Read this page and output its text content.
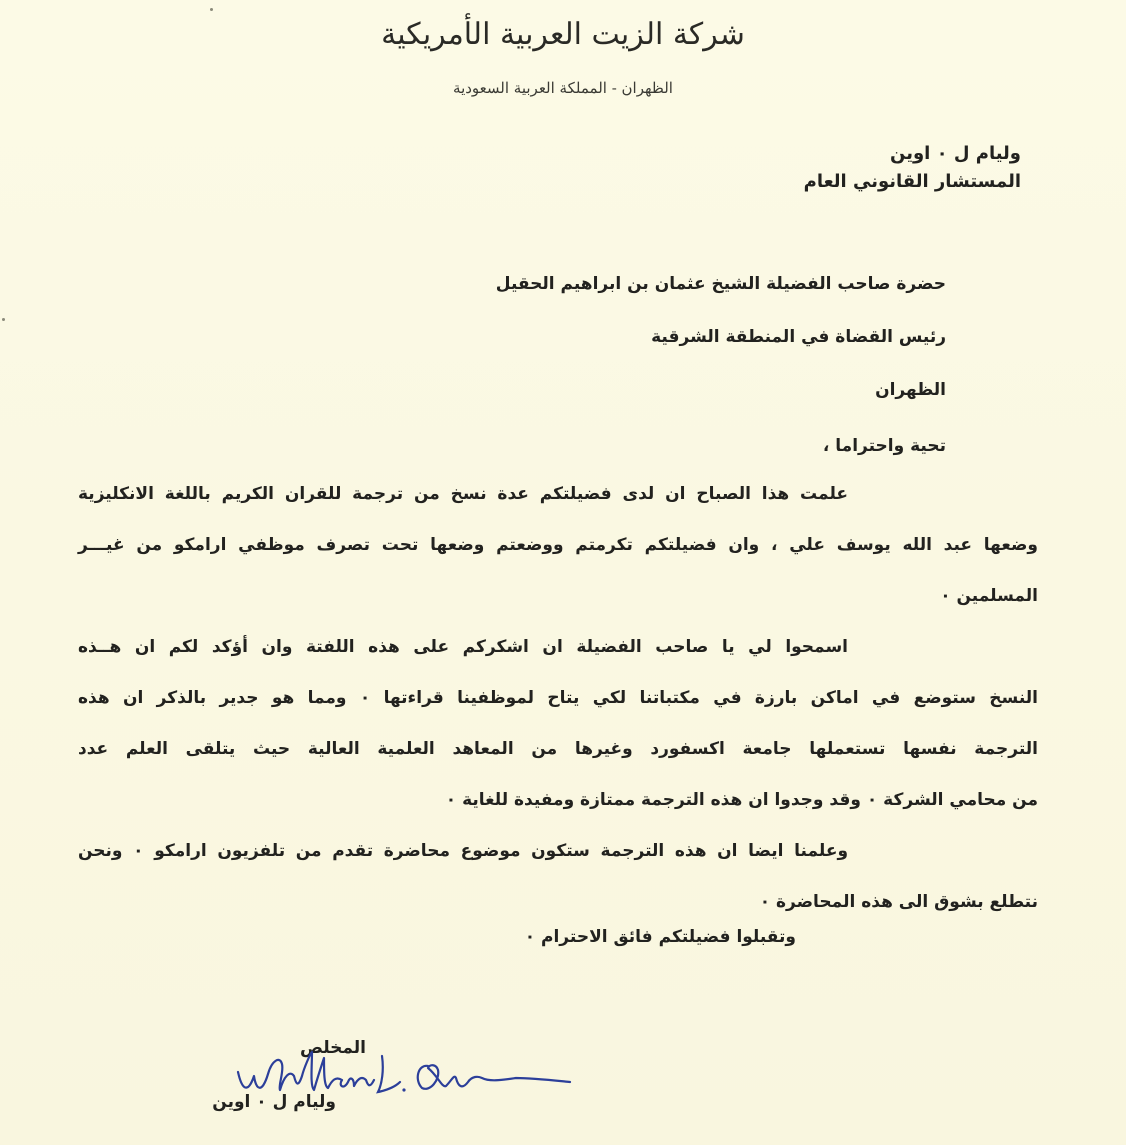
شركة الزيت العربية الأمريكية
الظهران - المملكة العربية السعودية
وليام ل ٠ اوين
المستشار القانوني العام
حضرة صاحب الفضيلة الشيخ عثمان بن ابراهيم الحقيل
رئيس القضاة في المنطقة الشرقية
الظهران
تحية واحتراما ،
علمت هذا الصباح ان لدى فضيلتكم عدة نسخ من ترجمة للقران الكريم باللغة الانكليزية
وضعها عبد الله يوسف علي ، وان فضيلتكم تكرمتم ووضعتم وضعها تحت تصرف موظفي ارامكو من غيـــر
المسلمين ٠
اسمحوا لي يا صاحب الفضيلة ان اشكركم على هذه اللفتة وان أؤكد لكم ان هــذه
النسخ ستوضع في اماكن بارزة في مكتباتنا لكي يتاح لموظفينا قراءتها ٠ ومما هو جدير بالذكر ان هذه
الترجمة نفسها تستعملها جامعة اكسفورد وغيرها من المعاهد العلمية العالية حيث يتلقى العلم عدد
من محامي الشركة ٠ وقد وجدوا ان هذه الترجمة ممتازة ومفيدة للغاية ٠
وعلمنا ايضا ان هذه الترجمة ستكون موضوع محاضرة تقدم من تلفزيون ارامكو ٠ ونحن
نتطلع بشوق الى هذه المحاضرة ٠
وتقبلوا فضيلتكم فائق الاحترام ٠
المخلص
وليام ل ٠ اوين
